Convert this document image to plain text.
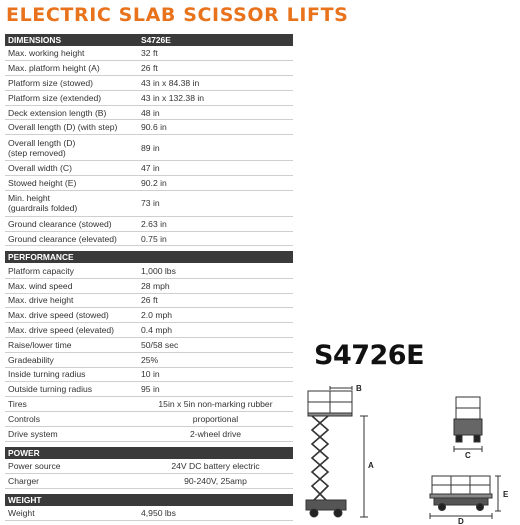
ELECTRIC SLAB SCISSOR LIFTS
DIMENSIONS	S4726E
Max. working height	32 ft
Max. platform height (A)	26 ft
Platform size (stowed)	43 in x 84.38 in
Platform size (extended)	43 in x 132.38 in
Deck extension length (B)	48 in
Overall length (D) (with step)	90.6 in
Overall length (D)
(step removed)	89 in
Overall width (C)	47 in
Stowed height (E)	90.2 in
Min. height
(guardrails folded)	73 in
Ground clearance (stowed)	2.63 in
Ground clearance (elevated)	0.75 in

PERFORMANCE	
Platform capacity	1,000 lbs
Max. wind speed	28 mph
Max. drive height	26 ft
Max. drive speed (stowed)	2.0 mph
Max. drive speed (elevated)	0.4 mph
Raise/lower time	50/58 sec
Gradeability	25%
Inside turning radius	10 in
Outside turning radius	95 in
Tires	15in x 5in non-marking rubber
Controls	proportional
Drive system	2-wheel drive

POWER	
Power source	24V DC battery electric
Charger	90-240V, 25amp

WEIGHT	
Weight	4,950 lbs
S4726E
B
A
C
D
E
